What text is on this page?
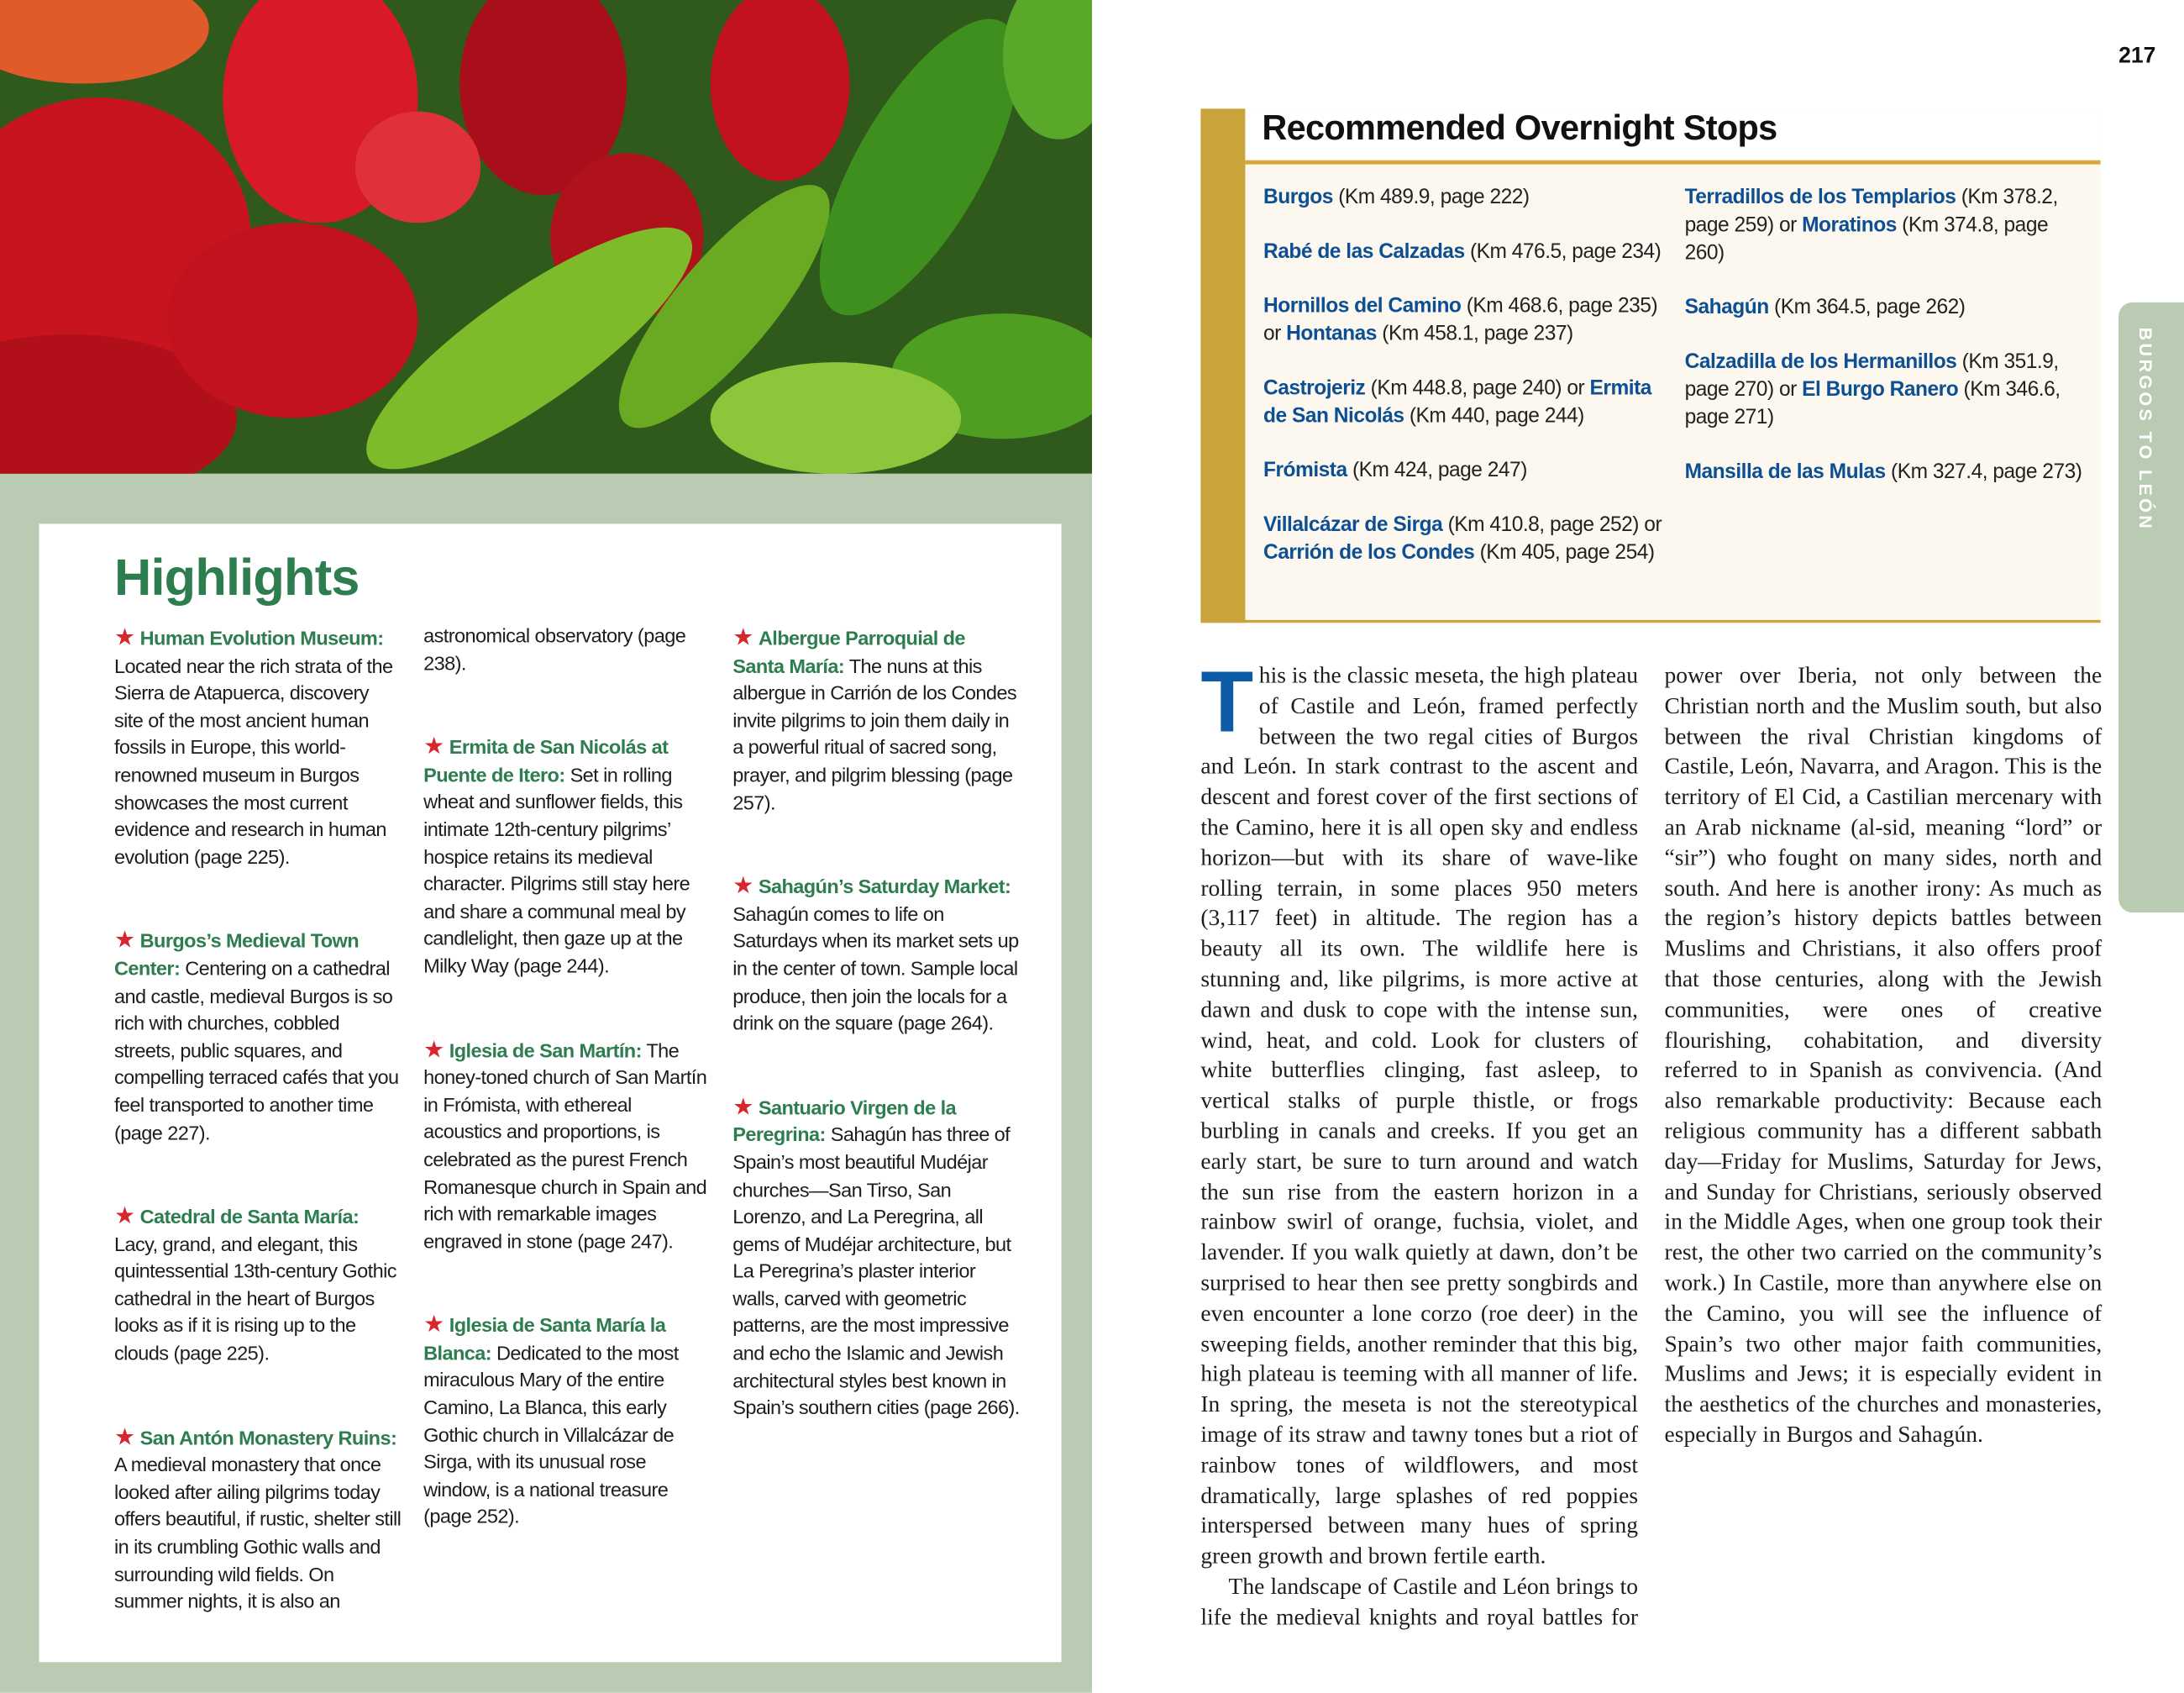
Highlights

★ Human Evolution Museum: Located near the rich strata of the Sierra de Atapuerca, discovery site of the most ancient human fossils in Europe, this world-renowned museum in Burgos showcases the most current evidence and research in human evolution (page 225).

★ Burgos’s Medieval Town Center: Centering on a cathedral and castle, medieval Burgos is so rich with churches, cobbled streets, public squares, and compelling terraced cafés that you feel transported to another time (page 227).

★ Catedral de Santa María: Lacy, grand, and elegant, this quintessential 13th-century Gothic cathedral in the heart of Burgos looks as if it is rising up to the clouds (page 225).

★ San Antón Monastery Ruins: A medieval monastery that once looked after ailing pilgrims today offers beautiful, if rustic, shelter still in its crumbling Gothic walls and surrounding wild fields. On summer nights, it is also an astronomical observatory (page 238).

★ Ermita de San Nicolás at Puente de Itero: Set in rolling wheat and sunflower fields, this intimate 12th-century pilgrims’ hospice retains its medieval character. Pilgrims still stay here and share a communal meal by candlelight, then gaze up at the Milky Way (page 244).

★ Iglesia de San Martín: The honey-toned church of San Martín in Frómista, with ethereal acoustics and proportions, is celebrated as the purest French Romanesque church in Spain and rich with remarkable images engraved in stone (page 247).

★ Iglesia de Santa María la Blanca: Dedicated to the most miraculous Mary of the entire Camino, La Blanca, this early Gothic church in Villalcázar de Sirga, with its unusual rose window, is a national treasure (page 252).

★ Albergue Parroquial de Santa María: The nuns at this albergue in Carrión de los Condes invite pilgrims to join them daily in a powerful ritual of sacred song, prayer, and pilgrim blessing (page 257).

★ Sahagún’s Saturday Market: Sahagún comes to life on Saturdays when its market sets up in the center of town. Sample local produce, then join the locals for a drink on the square (page 264).

★ Santuario Virgen de la Peregrina: Sahagún has three of Spain’s most beautiful Mudéjar churches—San Tirso, San Lorenzo, and La Peregrina, all gems of Mudéjar architecture, but La Peregrina’s plaster interior walls, carved with geometric patterns, are the most impressive and echo the Islamic and Jewish architectural styles best known in Spain’s southern cities (page 266).

217
Recommended Overnight Stops

Burgos (Km 489.9, page 222)

Rabé de las Calzadas (Km 476.5, page 234)

Hornillos del Camino (Km 468.6, page 235) or Hontanas (Km 458.1, page 237)

Castrojeriz (Km 448.8, page 240) or Ermita de San Nicolás (Km 440, page 244)

Frómista (Km 424, page 247)

Villalcázar de Sirga (Km 410.8, page 252) or Carrión de los Condes (Km 405, page 254)

Terradillos de los Templarios (Km 378.2, page 259) or Moratinos (Km 374.8, page 260)

Sahagún (Km 364.5, page 262)

Calzadilla de los Hermanillos (Km 351.9, page 270) or El Burgo Ranero (Km 346.6, page 271)

Mansilla de las Mulas (Km 327.4, page 273)	BURGOS TO LEÓN

This is the classic meseta, the high plateau of Castile and León, framed perfectly between the two regal cities of Burgos and León. In stark contrast to the ascent and descent and forest cover of the first sections of the Camino, here it is all open sky and endless horizon—but with its share of wave-like rolling terrain, in some places 950 meters (3,117 feet) in altitude. The region has a beauty all its own. The wildlife here is stunning and, like pilgrims, is more active at dawn and dusk to cope with the intense sun, wind, heat, and cold. Look for clusters of white butterflies clinging, fast asleep, to vertical stalks of purple thistle, or frogs burbling in canals and creeks. If you get an early start, be sure to turn around and watch the sun rise from the eastern horizon in a rainbow swirl of orange, fuchsia, violet, and lavender. If you walk quietly at dawn, don’t be surprised to hear then see pretty songbirds and even encounter a lone corzo (roe deer) in the sweeping fields, another reminder that this big, high plateau is teeming with all manner of life. In spring, the meseta is not the stereotypical image of its straw and tawny tones but a riot of rainbow tones of wildflowers, and most dramatically, large splashes of red poppies interspersed between many hues of spring green growth and brown fertile earth.

The landscape of Castile and Léon brings to life the medieval knights and royal battles for power over Iberia, not only between the Christian north and the Muslim south, but also between the rival Christian kingdoms of Castile, León, Navarra, and Aragon. This is the territory of El Cid, a Castilian mercenary with an Arab nickname (al-sid, meaning “lord” or “sir”) who fought on many sides, north and south. And here is another irony: As much as the region’s history depicts battles between Muslims and Christians, it also offers proof that those centuries, along with the Jewish communities, were ones of creative flourishing, cohabitation, and diversity referred to in Spanish as convivencia. (And also remarkable productivity: Because each religious community has a different sabbath day—Friday for Muslims, Saturday for Jews, and Sunday for Christians, seriously observed in the Middle Ages, when one group took their rest, the other two carried on the community’s work.) In Castile, more than anywhere else on the Camino, you will see the influence of Spain’s two other major faith communities, Muslims and Jews; it is especially evident in the aesthetics of the churches and monasteries, especially in Burgos and Sahagún.
